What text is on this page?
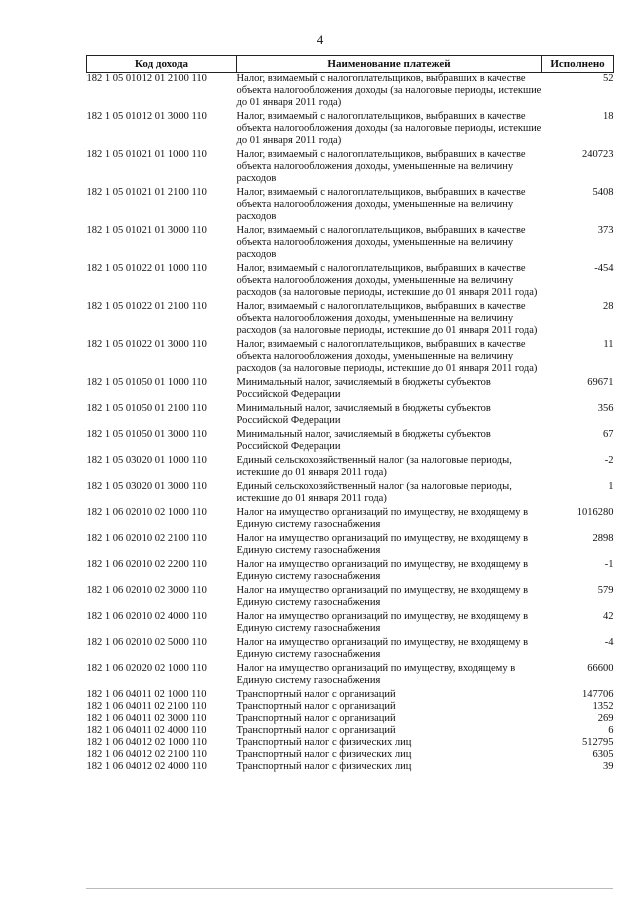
4
Код дохода	Наименование платежей	Исполнено
182 1 05 01012 01 2100 110	Налог, взимаемый с налогоплательщиков, выбравших в качестве объекта налогообложения доходы (за налоговые периоды, истекшие до 01 января 2011 года)	52
182 1 05 01012 01 3000 110	Налог, взимаемый с налогоплательщиков, выбравших в качестве объекта налогообложения доходы (за налоговые периоды, истекшие до 01 января 2011 года)	18
182 1 05 01021 01 1000 110	Налог, взимаемый с налогоплательщиков, выбравших в качестве объекта налогообложения доходы, уменьшенные на величину расходов	240723
182 1 05 01021 01 2100 110	Налог, взимаемый с налогоплательщиков, выбравших в качестве объекта налогообложения доходы, уменьшенные на величину расходов	5408
182 1 05 01021 01 3000 110	Налог, взимаемый с налогоплательщиков, выбравших в качестве объекта налогообложения доходы, уменьшенные на величину расходов	373
182 1 05 01022 01 1000 110	Налог, взимаемый с налогоплательщиков, выбравших в качестве объекта налогообложения доходы, уменьшенные на величину расходов (за налоговые периоды, истекшие до 01 января 2011 года)	-454
182 1 05 01022 01 2100 110	Налог, взимаемый с налогоплательщиков, выбравших в качестве объекта налогообложения доходы, уменьшенные на величину расходов (за налоговые периоды, истекшие до 01 января 2011 года)	28
182 1 05 01022 01 3000 110	Налог, взимаемый с налогоплательщиков, выбравших в качестве объекта налогообложения доходы, уменьшенные на величину расходов (за налоговые периоды, истекшие до 01 января 2011 года)	11
182 1 05 01050 01 1000 110	Минимальный налог, зачисляемый в бюджеты субъектов Российской Федерации	69671
182 1 05 01050 01 2100 110	Минимальный налог, зачисляемый в бюджеты субъектов Российской Федерации	356
182 1 05 01050 01 3000 110	Минимальный налог, зачисляемый в бюджеты субъектов Российской Федерации	67
182 1 05 03020 01 1000 110	Единый сельскохозяйственный налог (за налоговые периоды, истекшие до 01 января 2011 года)	-2
182 1 05 03020 01 3000 110	Единый сельскохозяйственный налог (за налоговые периоды, истекшие до 01 января 2011 года)	1
182 1 06 02010 02 1000 110	Налог на имущество организаций по имуществу, не входящему в Единую систему газоснабжения	1016280
182 1 06 02010 02 2100 110	Налог на имущество организаций по имуществу, не входящему в Единую систему газоснабжения	2898
182 1 06 02010 02 2200 110	Налог на имущество организаций по имуществу, не входящему в Единую систему газоснабжения	-1
182 1 06 02010 02 3000 110	Налог на имущество организаций по имуществу, не входящему в Единую систему газоснабжения	579
182 1 06 02010 02 4000 110	Налог на имущество организаций по имуществу, не входящему в Единую систему газоснабжения	42
182 1 06 02010 02 5000 110	Налог на имущество организаций по имуществу, не входящему в Единую систему газоснабжения	-4
182 1 06 02020 02 1000 110	Налог на имущество организаций по имуществу, входящему в Единую систему газоснабжения	66600
182 1 06 04011 02 1000 110	Транспортный налог с организаций	147706
182 1 06 04011 02 2100 110	Транспортный налог с организаций	1352
182 1 06 04011 02 3000 110	Транспортный налог с организаций	269
182 1 06 04011 02 4000 110	Транспортный налог с организаций	6
182 1 06 04012 02 1000 110	Транспортный налог с физических лиц	512795
182 1 06 04012 02 2100 110	Транспортный налог с физических лиц	6305
182 1 06 04012 02 4000 110	Транспортный налог с физических лиц	39
